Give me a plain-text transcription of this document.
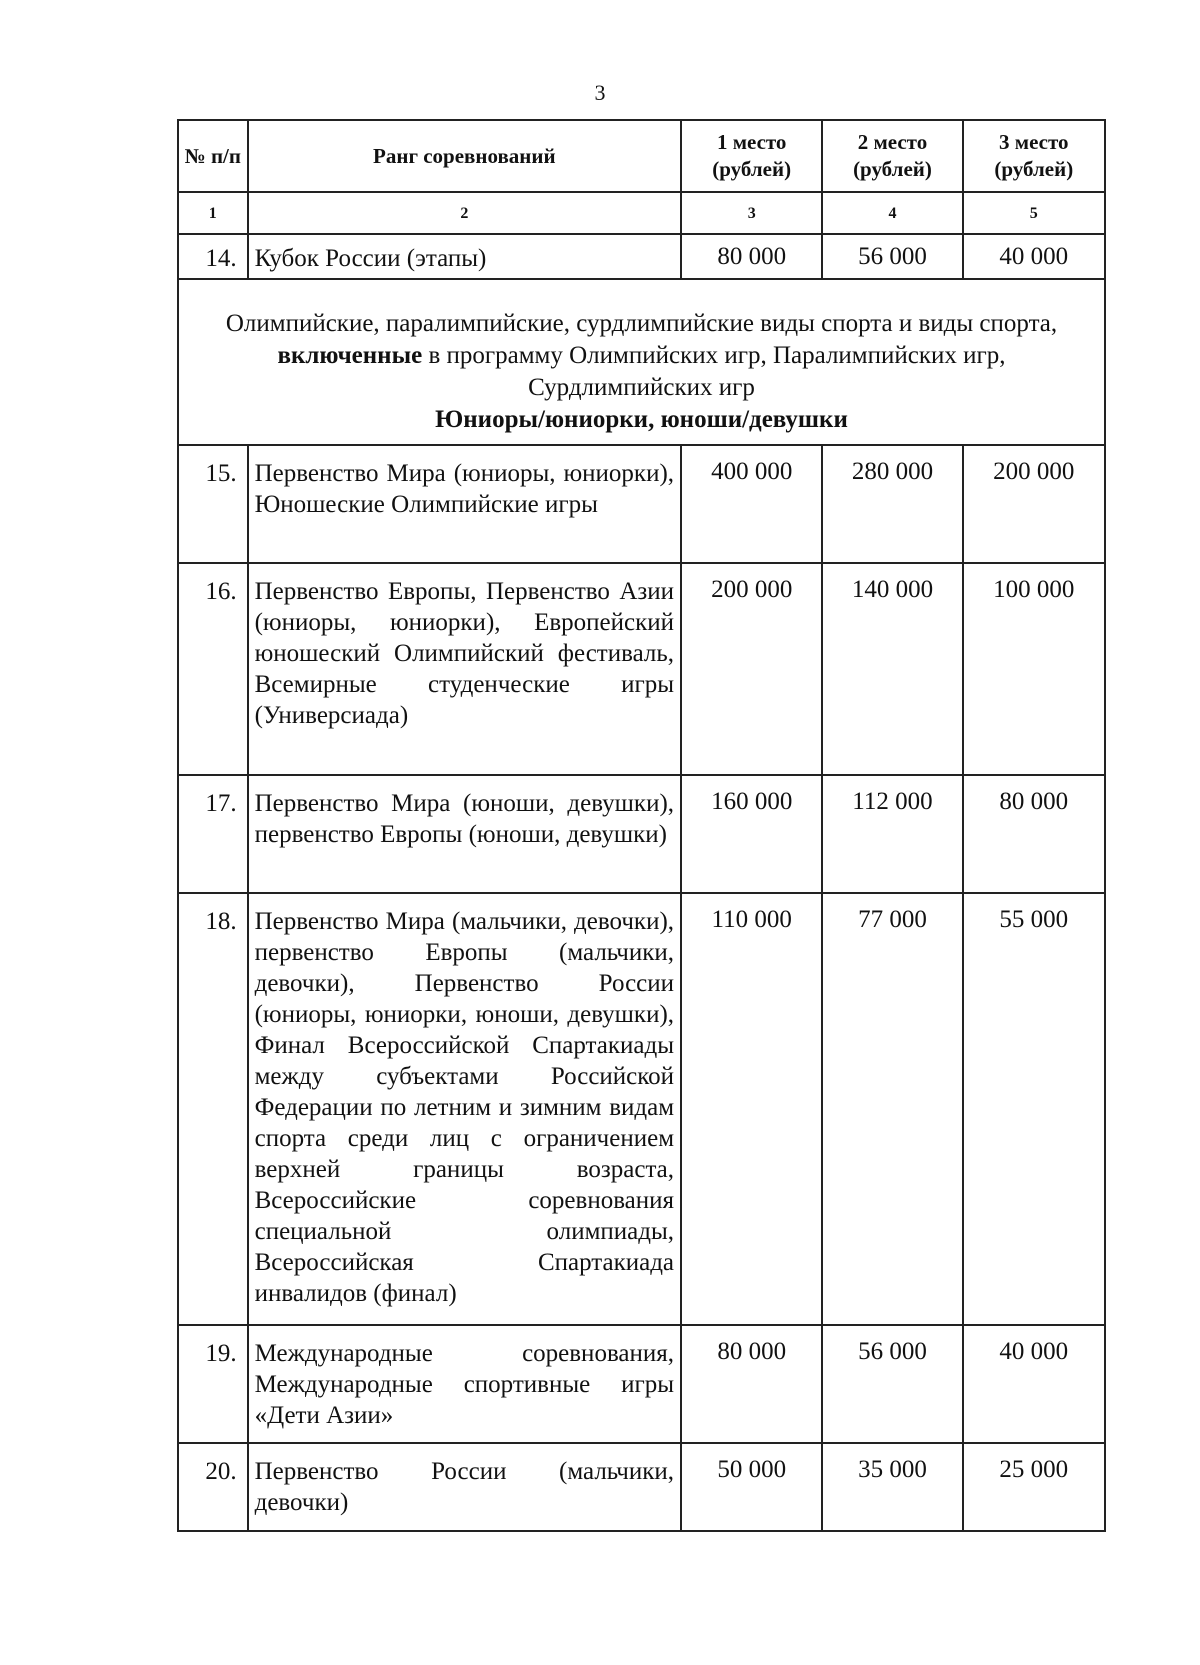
3
№ п/п	Ранг соревнований	1 место (рублей)	2 место (рублей)	3 место (рублей)
1	2	3	4	5
14.	Кубок России (этапы)	80 000	56 000	40 000
Олимпийские, паралимпийские, сурдлимпийские виды спорта и виды спорта, включенные в программу Олимпийских игр, Паралимпийских игр, Сурдлимпийских игр
Юниоры/юниорки, юноши/девушки				

15.	Первенство Мира (юниоры, юниорки), Юношеские Олимпийские игры	400 000	280 000	200 000
16.	Первенство Европы, Первенство Азии (юниоры, юниорки), Европейский юношеский Олимпийский фестиваль, Всемирные студенческие игры (Универсиада)	200 000	140 000	100 000
17.	Первенство Мира (юноши, девушки), первенство Европы (юноши, девушки)	160 000	112 000	80 000
18.	Первенство Мира (мальчики, девочки), первенство Европы (мальчики, девочки), Первенство России (юниоры, юниорки, юноши, девушки), Финал Всероссийской Спартакиады между субъектами Российской Федерации по летним и зимним видам спорта среди лиц с ограничением верхней границы возраста, Всероссийские соревнования специальной олимпиады, Всероссийская Спартакиада инвалидов (финал)	110 000	77 000	55 000
19.	Международные соревнования, Международные спортивные игры «Дети Азии»	80 000	56 000	40 000
20.	Первенство России (мальчики, девочки)	50 000	35 000	25 000
